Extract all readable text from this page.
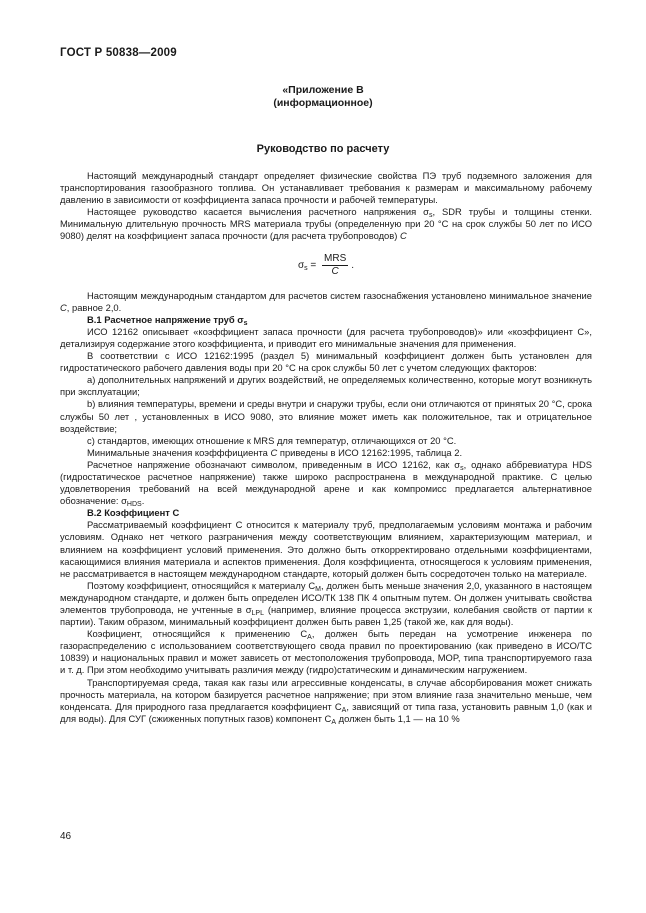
ГОСТ Р 50838—2009
«Приложение В
(информационное)
Руководство по расчету

Настоящий международный стандарт определяет физические свойства ПЭ труб подземного заложения для транспортирования газообразного топлива. Он устанавливает требования к размерам и максимальному рабочему давлению в зависимости от коэффициента запаса прочности и рабочей температуры.

Настоящее руководство касается вычисления расчетного напряжения $\sigma_s$, SDR трубы и толщины стенки. Минимальную длительную прочность MRS материала трубы (определенную при 20 °С на срок службы 50 лет по ИСО 9080) делят на коэффициент запаса прочности (для расчета трубопроводов) C

$\sigma_s = \frac{\text{MRS}}{C}$ .

Настоящим международным стандартом для расчетов систем газоснабжения установлено минимальное значение C, равное 2,0.

В.1 Расчетное напряжение труб $\sigma_s$

ИСО 12162 описывает «коэффициент запаса прочности (для расчета трубопроводов)» или «коэффициент C», детализируя содержание этого коэффициента, и приводит его минимальные значения для применения.

В соответствии с ИСО 12162:1995 (раздел 5) минимальный коэффициент должен быть установлен для гидростатического рабочего давления воды при 20 °С на срок службы 50 лет с учетом следующих факторов:

а) дополнительных напряжений и других воздействий, не определяемых количественно, которые могут возникнуть при эксплуатации;

b) влияния температуры, времени и среды внутри и снаружи трубы, если они отличаются от принятых 20 °С, срока службы 50 лет , установленных в ИСО 9080, это влияние может иметь как положительное, так и отрицательное воздействие;

с) стандартов, имеющих отношение к MRS для температур, отличающихся от 20 °С.

Минимальные значения коэфффициента C приведены в ИСО 12162:1995, таблица 2.

Расчетное напряжение обозначают символом, приведенным в ИСО 12162, как $\sigma_s$, однако аббревиатура HDS (гидростатическое расчетное напряжение) также широко распространена в международной практике. С целью удовлетворения требований на всей международной арене и как компромисс предлагается альтернативное обозначение: $\sigma_{HDS}$.

В.2 Коэффициент C

Рассматриваемый коэффициент C относится к материалу труб, предполагаемым условиям монтажа и рабочим условиям. Однако нет четкого разграничения между соответствующим влиянием, характеризующим материал, и влиянием на коэффициент условий применения. Это должно быть откорректировано отдельными коэффициентами, касающимися влияния материала и аспектов применения. Доля коэффициента, относящегося к условиям применения, не рассматривается в настоящем международном стандарте, который должен быть сосредоточен только на материале.

Поэтому коэффициент, относящийся к материалу $C_M$, должен быть меньше значения 2,0, указанного в настоящем международном стандарте, и должен быть определен ИСО/ТК 138 ПК 4 опытным путем. Он должен учитывать свойства элементов трубопровода, не учтенные в $\sigma_{LPL}$ (например, влияние процесса экструзии, колебания свойств от партии к партии). Таким образом, минимальный коэффициент должен быть равен 1,25 (такой же, как для воды).

Коэфициент, относящийся к применению $C_A$, должен быть передан на усмотрение инженера по газораспределению с использованием соответствующего свода правил по проектированию (как приведено в ИСО/ТС 10839) и национальных правил и может зависеть от местоположения трубопровода, MOP, типа транспортируемого газа и т. д. При этом необходимо учитывать различия между (гидро)статическим и динамическим нагружением.

Транспортируемая среда, такая как газы или агрессивные конденсаты, в случае абсорбирования может снижать прочность материала, на котором базируется расчетное напряжение; при этом влияние газа значительно меньше, чем конденсата. Для природного газа предлагается коэффициент $C_A$, зависящий от типа газа, установить равным 1,0 (как и для воды). Для СУГ (сжиженных попутных газов) компонент $C_A$ должен быть 1,1 — на 10 %

46
